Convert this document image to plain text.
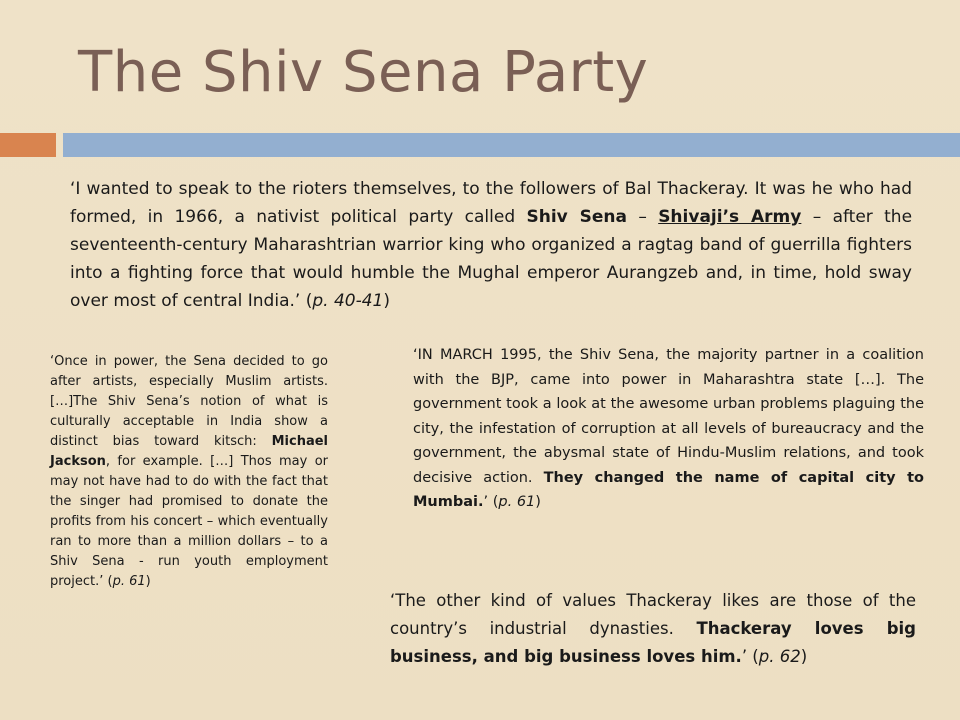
The Shiv Sena Party

‘I wanted to speak to the rioters themselves, to the followers of Bal Thackeray. It was he who had formed, in 1966, a nativist political party called Shiv Sena – Shivaji’s Army – after the seventeenth-century Maharashtrian warrior king who organized a ragtag band of guerrilla fighters into a fighting force that would humble the Mughal emperor Aurangzeb and, in time, hold sway over most of central India.’ (p. 40-41)

‘Once in power, the Sena decided to go after artists, especially Muslim artists. […]The Shiv Sena’s notion of what is culturally acceptable in India show a distinct bias toward kitsch: Michael Jackson, for example. […] Thos may or may not have had to do with the fact that the singer had promised to donate the profits from his concert – which eventually ran to more than a million dollars – to a Shiv Sena - run youth employment project.’ (p. 61)

‘IN MARCH 1995, the Shiv Sena, the majority partner in a coalition with the BJP, came into power in Maharashtra state […]. The government took a look at the awesome urban problems plaguing the city, the infestation of corruption at all levels of bureaucracy and the government, the abysmal state of Hindu-Muslim relations, and took decisive action. They changed the name of capital city to Mumbai.’ (p. 61)

‘The other kind of values Thackeray likes are those of the country’s industrial dynasties. Thackeray loves big business, and big business loves him.’ (p. 62)
